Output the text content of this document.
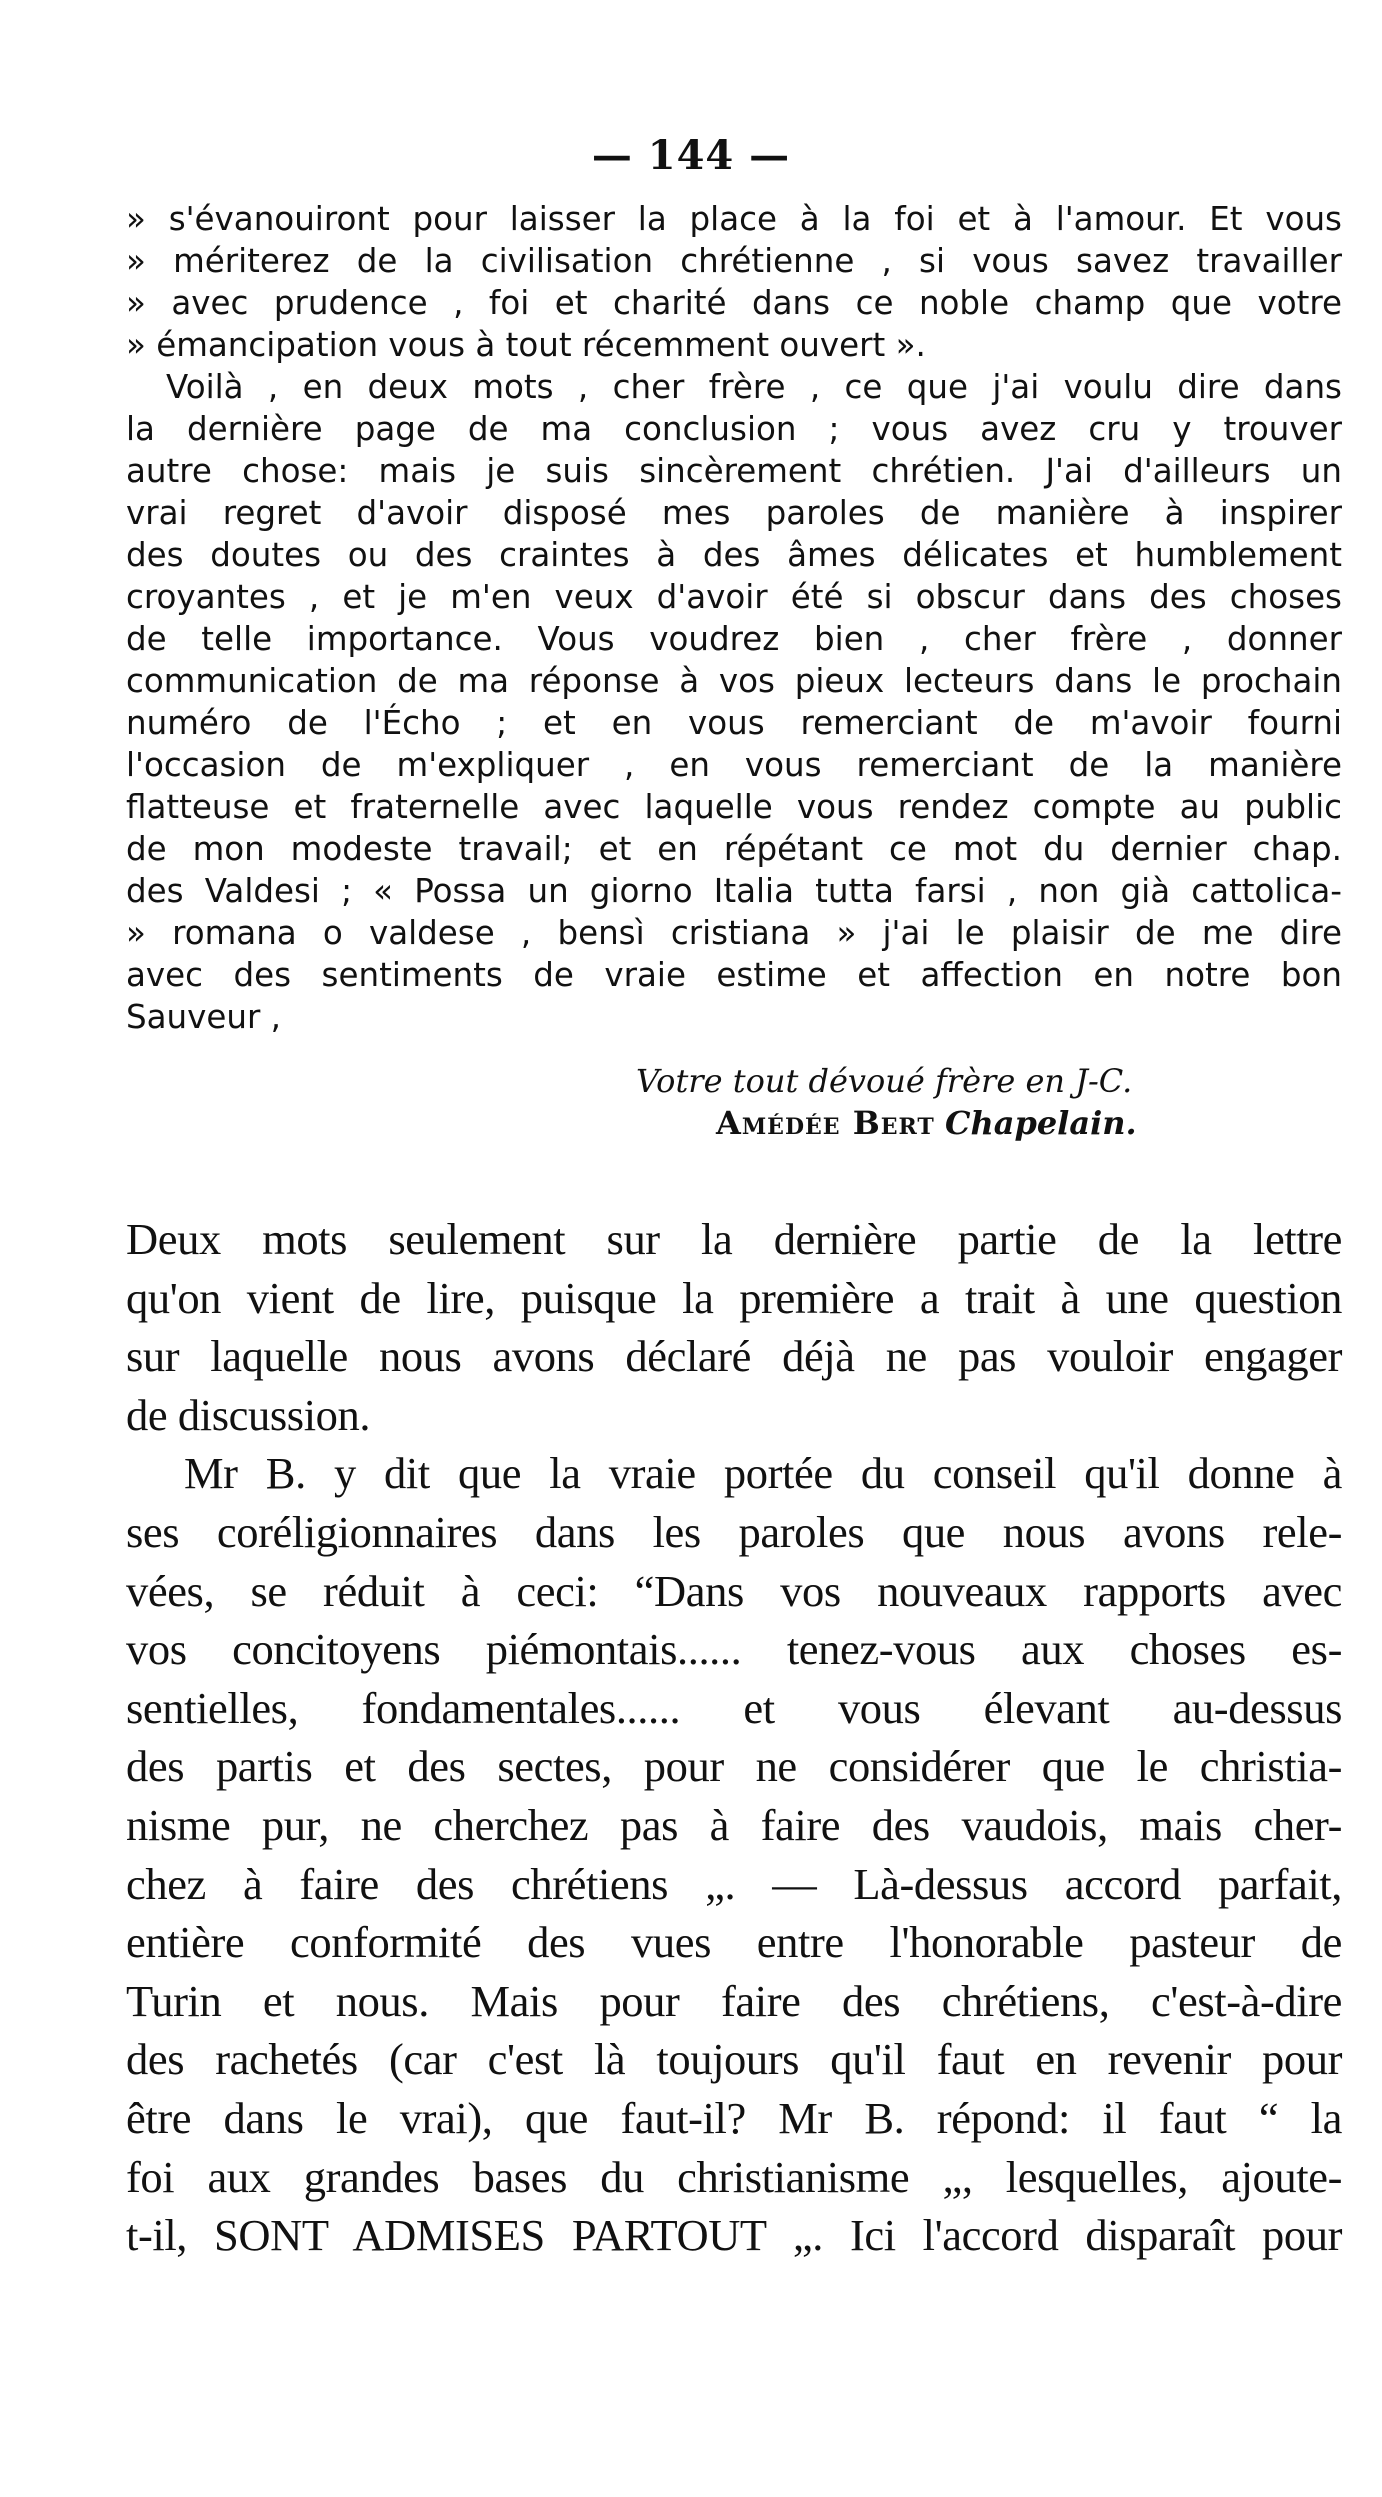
— 144 —
» s'évanouiront pour laisser la place à la foi et à l'amour. Et vous
» mériterez de la civilisation chrétienne , si vous savez travailler
» avec prudence , foi et charité dans ce noble champ que votre
» émancipation vous à tout récemment ouvert ».
Voilà , en deux mots , cher frère , ce que j'ai voulu dire dans
la dernière page de ma conclusion ; vous avez cru y trouver
autre chose: mais je suis sincèrement chrétien. J'ai d'ailleurs un
vrai regret d'avoir disposé mes paroles de manière à inspirer
des doutes ou des craintes à des âmes délicates et humblement
croyantes , et je m'en veux d'avoir été si obscur dans des choses
de telle importance. Vous voudrez bien , cher frère , donner
communication de ma réponse à vos pieux lecteurs dans le prochain
numéro de l'Écho ; et en vous remerciant de m'avoir fourni
l'occasion de m'expliquer , en vous remerciant de la manière
flatteuse et fraternelle avec laquelle vous rendez compte au public
de mon modeste travail; et en répétant ce mot du dernier chap.
des Valdesi ; « Possa un giorno Italia tutta farsi , non già cattolica-
» romana o valdese , bensì cristiana » j'ai le plaisir de me dire
avec des sentiments de vraie estime et affection en notre bon
Sauveur ,
Votre tout dévoué frère en J-C.
Amédée Bert Chapelain.
Deux mots seulement sur la dernière partie de la lettre
qu'on vient de lire, puisque la première a trait à une question
sur laquelle nous avons déclaré déjà ne pas vouloir engager
de discussion.
Mr B. y dit que la vraie portée du conseil qu'il donne à
ses coréligionnaires dans les paroles que nous avons rele-
vées, se réduit à ceci: “Dans vos nouveaux rapports avec
vos concitoyens piémontais...... tenez-vous aux choses es-
sentielles, fondamentales...... et vous élevant au-dessus
des partis et des sectes, pour ne considérer que le christia-
nisme pur, ne cherchez pas à faire des vaudois, mais cher-
chez à faire des chrétiens „. — Là-dessus accord parfait,
entière conformité des vues entre l'honorable pasteur de
Turin et nous. Mais pour faire des chrétiens, c'est-à-dire
des rachetés (car c'est là toujours qu'il faut en revenir pour
être dans le vrai), que faut-il? Mr B. répond: il faut “ la
foi aux grandes bases du christianisme „, lesquelles, ajoute-
t-il, SONT ADMISES PARTOUT „. Ici l'accord disparaît pour
